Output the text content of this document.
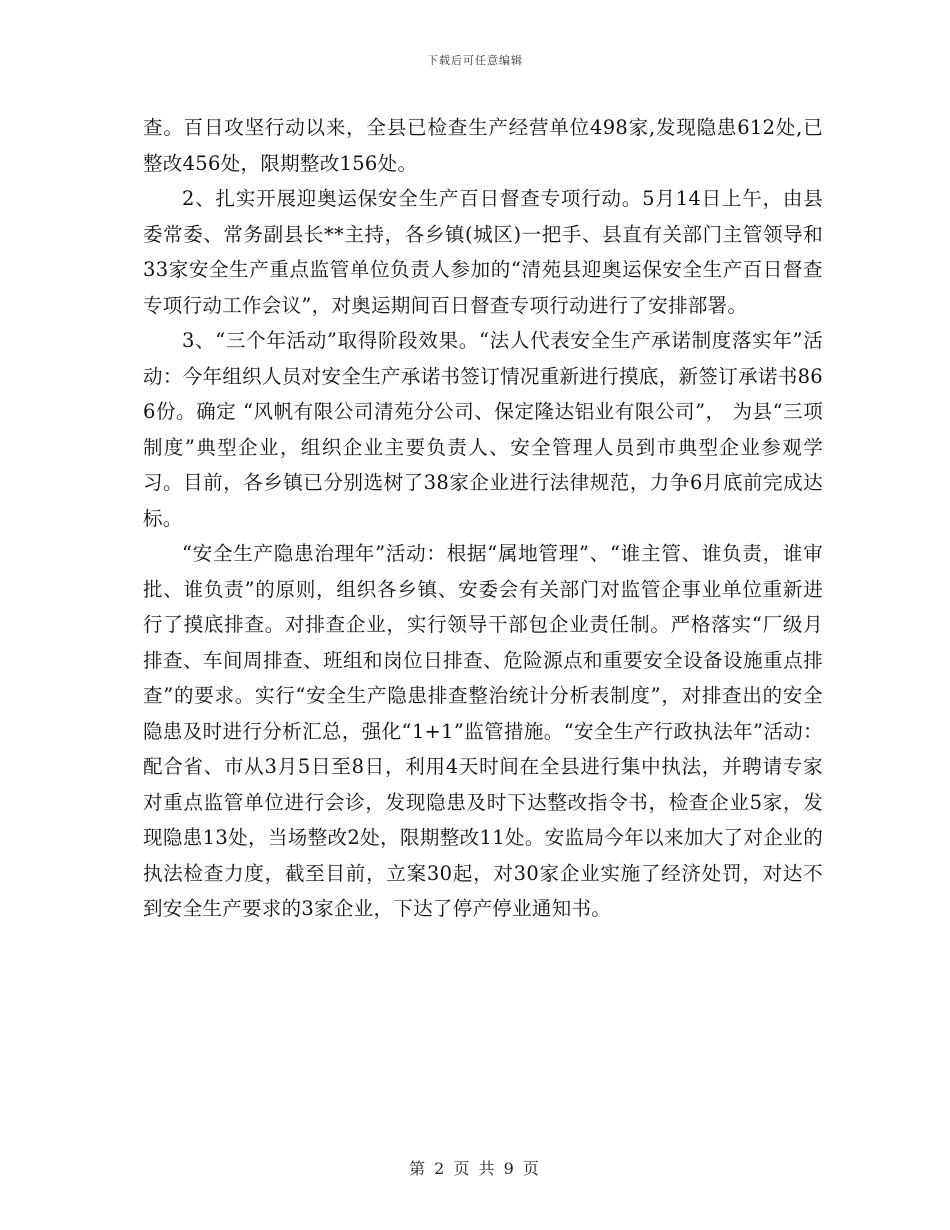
下载后可任意编辑

查。百日攻坚行动以来，全县已检查生产经营单位498家,发现隐患612处,已整改456处，限期整改156处。

2、扎实开展迎奥运保安全生产百日督查专项行动。5月14日上午，由县委常委、常务副县长**主持，各乡镇(城区)一把手、县直有关部门主管领导和33家安全生产重点监管单位负责人参加的“清苑县迎奥运保安全生产百日督查专项行动工作会议”，对奥运期间百日督查专项行动进行了安排部署。

3、“三个年活动”取得阶段效果。“法人代表安全生产承诺制度落实年”活动：今年组织人员对安全生产承诺书签订情况重新进行摸底，新签订承诺书866份。确定 “风帆有限公司清苑分公司、保定隆达铝业有限公司”， 为县“三项制度”典型企业，组织企业主要负责人、安全管理人员到市典型企业参观学习。目前，各乡镇已分别选树了38家企业进行法律规范，力争6月底前完成达标。

“安全生产隐患治理年”活动：根据“属地管理”、“谁主管、谁负责，谁审批、谁负责”的原则，组织各乡镇、安委会有关部门对监管企事业单位重新进行了摸底排查。对排查企业，实行领导干部包企业责任制。严格落实“厂级月排查、车间周排查、班组和岗位日排查、危险源点和重要安全设备设施重点排查”的要求。实行“安全生产隐患排查整治统计分析表制度”，对排查出的安全隐患及时进行分析汇总，强化“1+1”监管措施。“安全生产行政执法年”活动：配合省、市从3月5日至8日，利用4天时间在全县进行集中执法，并聘请专家对重点监管单位进行会诊，发现隐患及时下达整改指令书，检查企业5家，发现隐患13处，当场整改2处，限期整改11处。安监局今年以来加大了对企业的执法检查力度，截至目前，立案30起，对30家企业实施了经济处罚，对达不到安全生产要求的3家企业，下达了停产停业通知书。

第 2 页 共 9 页
